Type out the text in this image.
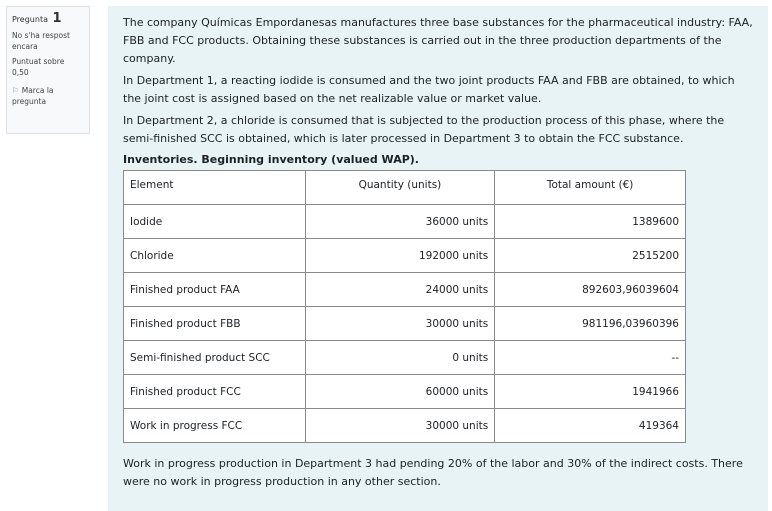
Pregunta 1
No s'ha respost encara
Puntuat sobre
0,50
⚐ Marca la pregunta

The company Químicas Empordanesas manufactures three base substances for the pharmaceutical industry: FAA, FBB and FCC products. Obtaining these substances is carried out in the three production departments of the company.

In Department 1, a reacting iodide is consumed and the two joint products FAA and FBB are obtained, to which the joint cost is assigned based on the net realizable value or market value.

In Department 2, a chloride is consumed that is subjected to the production process of this phase, where the semi-finished SCC is obtained, which is later processed in Department 3 to obtain the FCC substance.

Inventories. Beginning inventory (valued WAP).
Element	Quantity (units)	Total amount (€)
Iodide	36000 units	1389600
Chloride	192000 units	2515200
Finished product FAA	24000 units	892603,96039604
Finished product FBB	30000 units	981196,03960396
Semi-finished product SCC	0 units	--
Finished product FCC	60000 units	1941966
Work in progress FCC	30000 units	419364

Work in progress production in Department 3 had pending 20% of the labor and 30% of the indirect costs. There were no work in progress production in any other section.
